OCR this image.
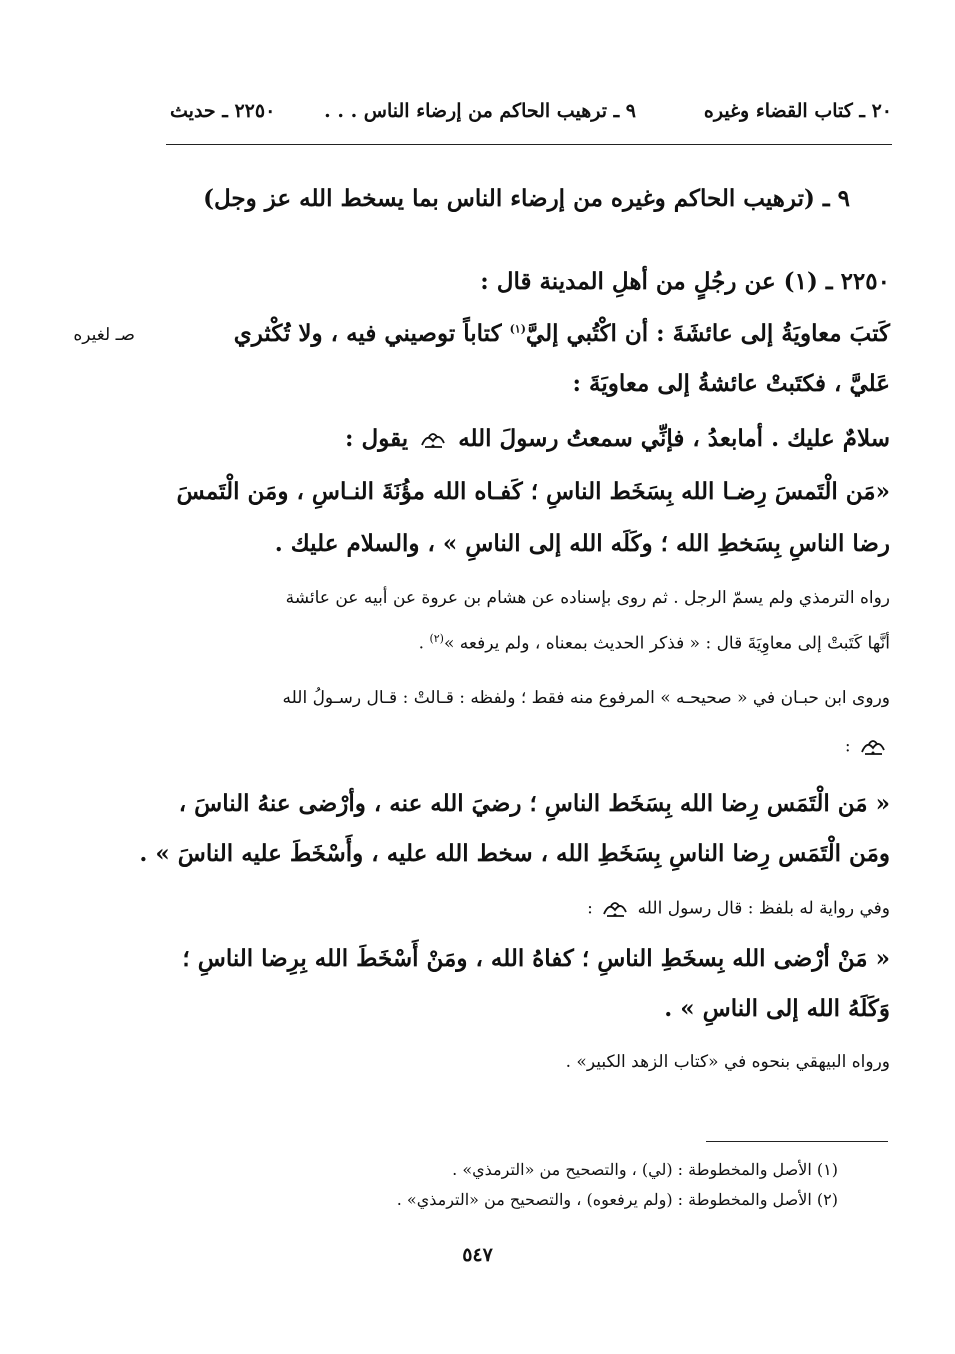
٢٠ ـ كتاب القضاء وغيره
٩ ـ ترهيب الحاكم من إرضاء الناس . . .
٢٢٥٠ ـ حديث
٩ ـ (ترهيب الحاكم وغيره من إرضاء الناس بما يسخط الله عز وجل)
٢٢٥٠ ـ (١) عن رجُلٍ من أهلِ المدينة قال :
صـ لغيره	كَتبَ معاويَةُ إلى عائشَةَ : أن اكْتُبي إليَّ$^{(١)}$ كتاباً توصيني فيه ، ولا تُكْثري
عَليَّ ، فكتَبتْ عائشةُ إلى معاويَةَ :
سلامٌ عليك . أمابعدُ ، فإنِّي سمعتُ رسولَ الله  يقول :
«مَن الْتَمسَ رِضـا الله بِسَخَط الناسِ ؛ كَفـاه الله مؤُنَةَ النـاسِ ، ومَن الْتَمسَ
رضا الناسِ بِسَخطِ الله ؛ وكَلَه الله إلى الناسِ » ، والسلام عليك .
رواه الترمذي ولم يسمّ الرجل . ثم روى بإسناده عن هشام بن عروة عن أبيه عن عائشة
أنَّها كَتَبتْ إلى معاوِيَةَ قال : « فذكر الحديث بمعناه ، ولم يرفعه »$^{(٢)}$ .
وروى ابن حبـان في « صحيحـه » المرفوع منه فقط ؛ ولفظه : قـالتْ : قـال رسـولُ الله
:
« مَن الْتَمَس رِضا الله بِسَخَط الناسِ ؛ رضيَ الله عنه ، وأرْضى عنهُ الناسَ ،
ومَن الْتَمَس رِضا الناسِ بِسَخَطِ الله ، سخط الله عليه ، وأَسْخَطَ عليه الناسَ » .
وفي رواية له بلفظ : قال رسول الله  :
« مَنْ أرْضى الله بِسخَطِ الناسِ ؛ كفاهُ الله ، ومَنْ أَسْخَطَ الله بِرِضا الناسِ ؛
وَكَلَهُ الله إلى الناسِ » .
ورواه البيهقي بنحوه في «كتاب الزهد الكبير» .
(١) الأصل والمخطوطة : (لي) ، والتصحيح من «الترمذي» .
(٢) الأصل والمخطوطة : (ولم يرفعوه) ، والتصحيح من «الترمذي» .
٥٤٧
